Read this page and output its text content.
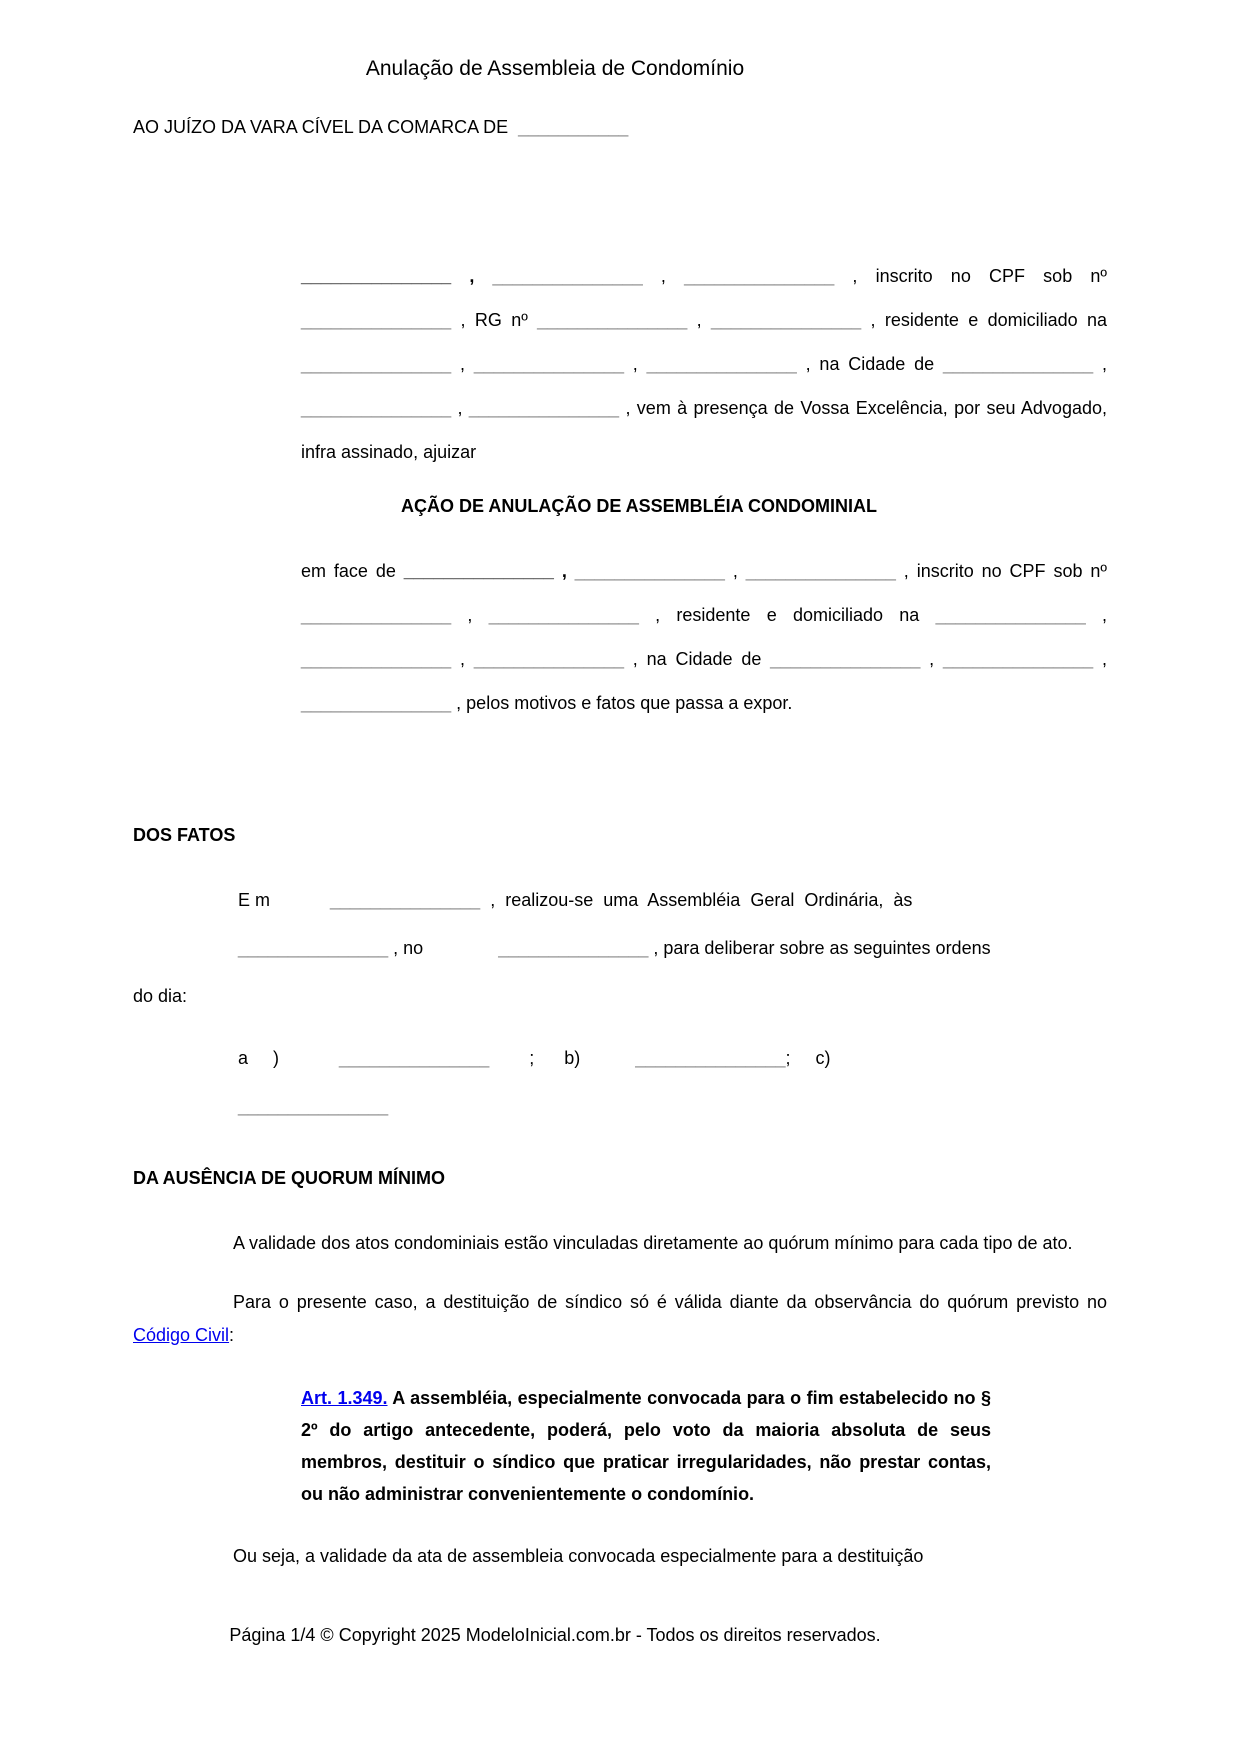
Anulação de Assembleia de Condomínio
AO JUÍZO DA VARA CÍVEL DA COMARCA DE ___________

_______________ , _______________ , _______________ , inscrito no CPF sob nº _______________ , RG nº _______________ , _______________ , residente e domiciliado na _______________ , _______________ , _______________ , na Cidade de _______________ , _______________ , _______________ , vem à presença de Vossa Excelência, por seu Advogado, infra assinado, ajuizar

AÇÃO DE ANULAÇÃO DE ASSEMBLÉIA CONDOMINIAL

em face de _______________ , _______________ , _______________ , inscrito no CPF sob nº _______________ , _______________ , residente e domiciliado na _______________ , _______________ , _______________ , na Cidade de _______________ , _______________ , _______________ , pelos motivos e fatos que passa a expor.

DOS FATOS
E m	_______________  ,  realizou-se  uma  Assembléia  Geral  Ordinária,  às
_______________ , no	_______________ , para deliberar sobre as seguintes ordens
do dia:
a )	_______________ ; b)	_______________; c)
_______________
DA AUSÊNCIA DE QUORUM MÍNIMO

A validade dos atos condominiais estão vinculadas diretamente ao quórum mínimo para cada tipo de ato.

Para o presente caso, a destituição de síndico só é válida diante da observância do quórum previsto no Código Civil:

Art. 1.349. A assembléia, especialmente convocada para o fim estabelecido no § 2º do artigo antecedente, poderá, pelo voto da maioria absoluta de seus membros, destituir o síndico que praticar irregularidades, não prestar contas, ou não administrar convenientemente o condomínio.

Ou seja, a validade da ata de assembleia convocada especialmente para a destituição

Página 1/4 © Copyright 2025 ModeloInicial.com.br - Todos os direitos reservados.
